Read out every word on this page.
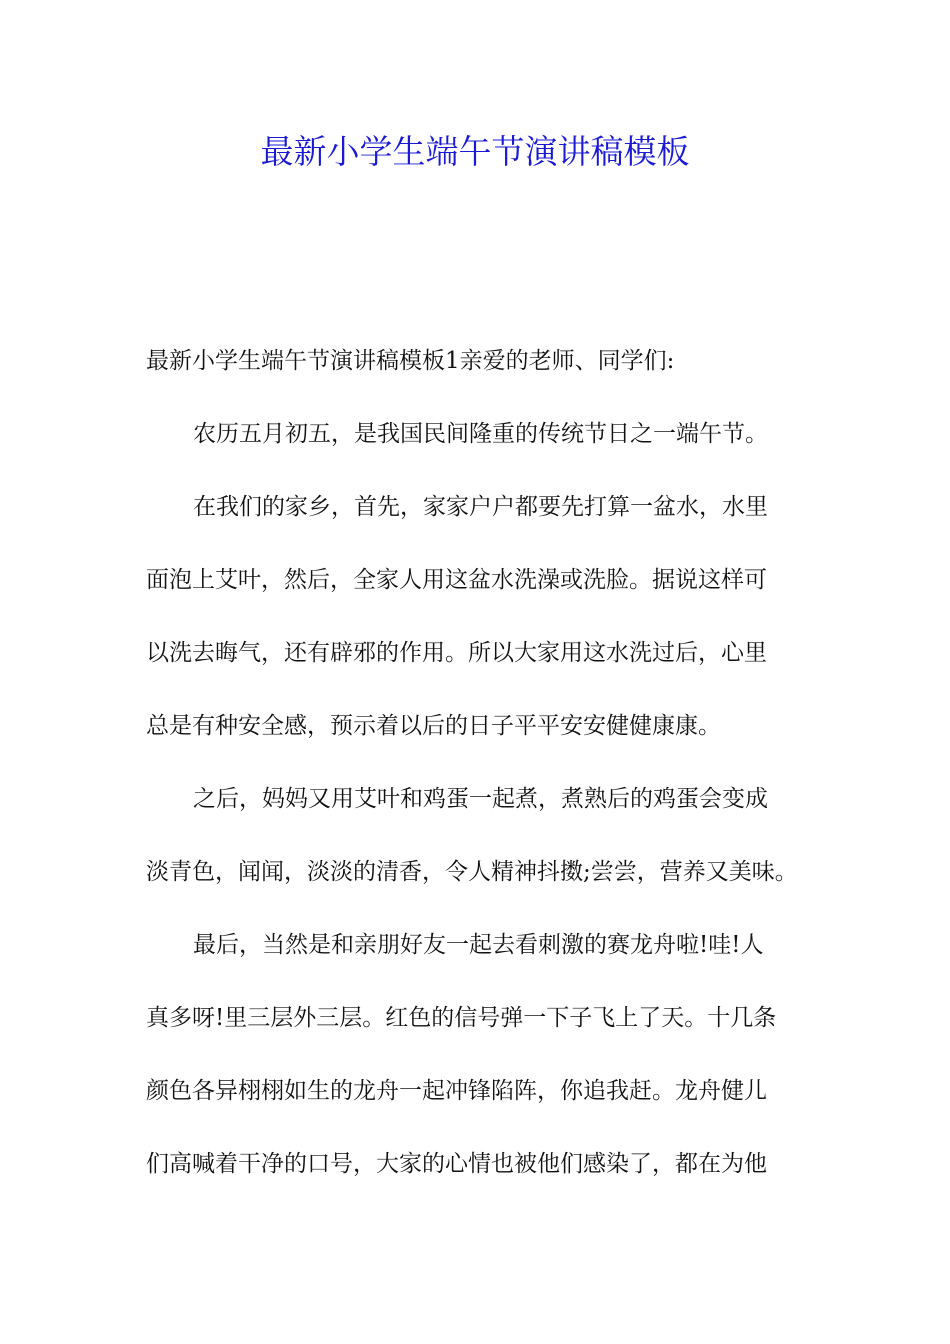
最新小学生端午节演讲稿模板
最新小学生端午节演讲稿模板1亲爱的老师、同学们:
农历五月初五，是我国民间隆重的传统节日之一端午节。
在我们的家乡，首先，家家户户都要先打算一盆水，水里
面泡上艾叶，然后，全家人用这盆水洗澡或洗脸。据说这样可
以洗去晦气，还有辟邪的作用。所以大家用这水洗过后，心里
总是有种安全感，预示着以后的日子平平安安健健康康。
之后，妈妈又用艾叶和鸡蛋一起煮，煮熟后的鸡蛋会变成
淡青色，闻闻，淡淡的清香，令人精神抖擞;尝尝，营养又美味。
最后，当然是和亲朋好友一起去看刺激的赛龙舟啦!哇!人
真多呀!里三层外三层。红色的信号弹一下子飞上了天。十几条
颜色各异栩栩如生的龙舟一起冲锋陷阵，你追我赶。龙舟健儿
们高喊着干净的口号，大家的心情也被他们感染了，都在为他
